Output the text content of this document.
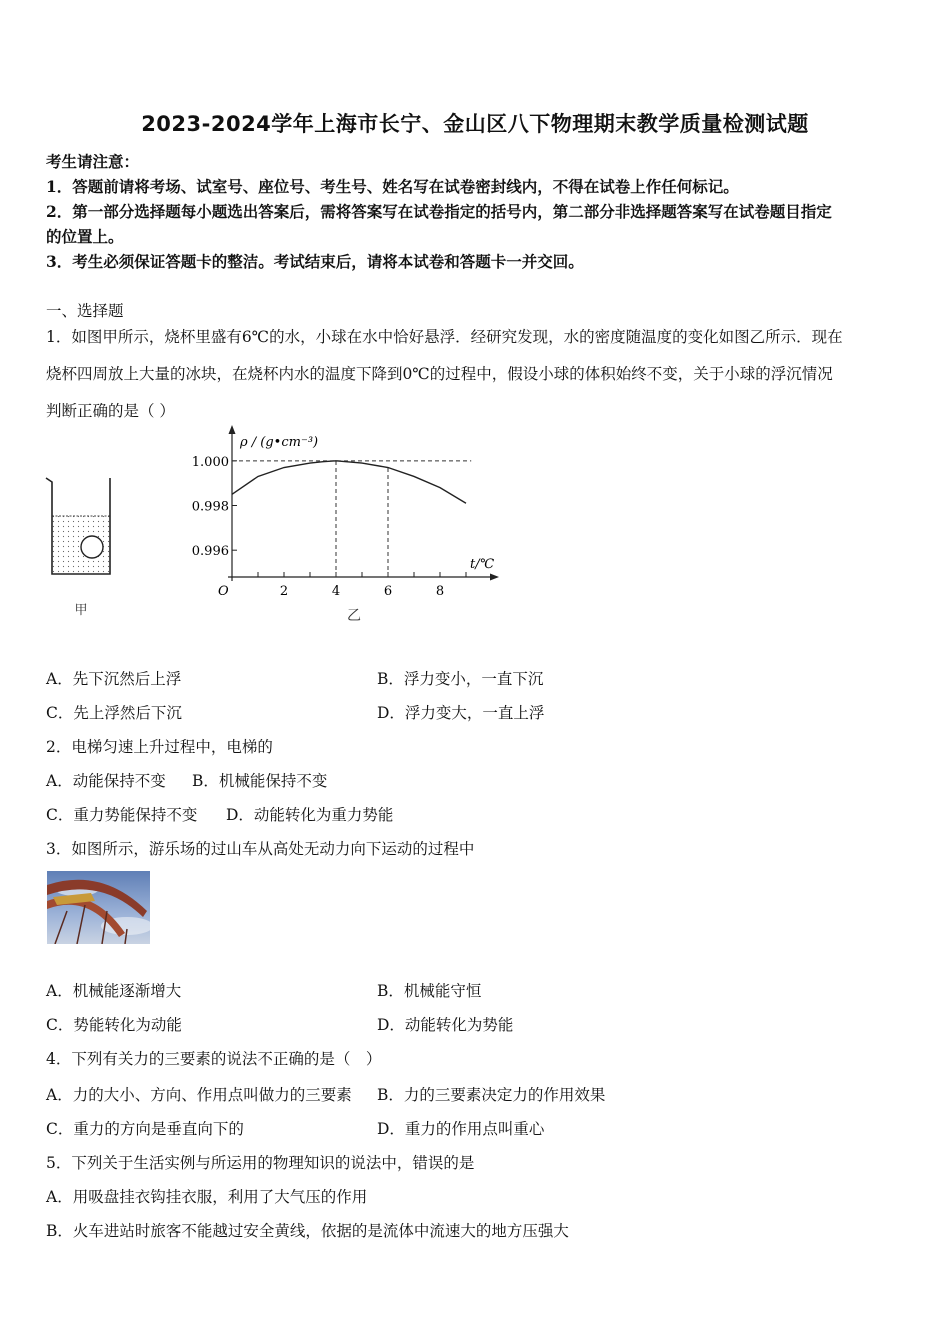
2023-2024学年上海市长宁、金山区八下物理期末教学质量检测试题
考生请注意：
1．答题前请将考场、试室号、座位号、考生号、姓名写在试卷密封线内，不得在试卷上作任何标记。
2．第一部分选择题每小题选出答案后，需将答案写在试卷指定的括号内，第二部分非选择题答案写在试卷题目指定
的位置上。
3．考生必须保证答题卡的整洁。考试结束后，请将本试卷和答题卡一并交回。
一、选择题
1．如图甲所示，烧杯里盛有6℃的水，小球在水中恰好悬浮．经研究发现，水的密度随温度的变化如图乙所示．现在
烧杯四周放上大量的冰块，在烧杯内水的温度下降到0℃的过程中，假设小球的体积始终不变，关于小球的浮沉情况
判断正确的是（ ）
甲
2	4	6	8
1.000
0.998
0.996
ρ / (g•cm⁻³)
t/℃
O
乙
A．先下沉然后上浮	B．浮力变小，一直下沉
C．先上浮然后下沉	D．浮力变大，一直上浮
2．电梯匀速上升过程中，电梯的
A．动能保持不变 B．机械能保持不变
C．重力势能保持不变 D．动能转化为重力势能
3．如图所示，游乐场的过山车从高处无动力向下运动的过程中
A．机械能逐渐增大	B．机械能守恒
C．势能转化为动能	D．动能转化为势能
4．下列有关力的三要素的说法不正确的是（　）
A．力的大小、方向、作用点叫做力的三要素 B．力的三要素决定力的作用效果
C．重力的方向是垂直向下的	D．重力的作用点叫重心
5．下列关于生活实例与所运用的物理知识的说法中，错误的是
A．用吸盘挂衣钩挂衣服，利用了大气压的作用
B．火车进站时旅客不能越过安全黄线，依据的是流体中流速大的地方压强大
